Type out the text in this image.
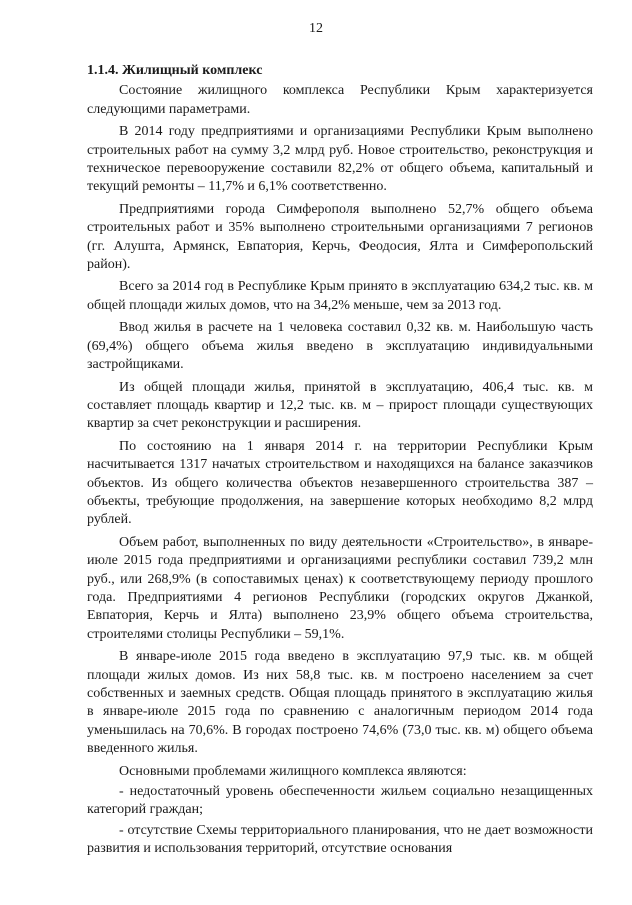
12
1.1.4. Жилищный комплекс

Состояние жилищного комплекса Республики Крым характеризуется следующими параметрами.

В 2014 году предприятиями и организациями Республики Крым выполнено строительных работ на сумму 3,2 млрд руб. Новое строительство, реконструкция и техническое перевооружение составили 82,2% от общего объема, капитальный и текущий ремонты – 11,7% и 6,1% соответственно.

Предприятиями города Симферополя выполнено 52,7% общего объема строительных работ и 35% выполнено строительными организациями 7 регионов (гг. Алушта, Армянск, Евпатория, Керчь, Феодосия, Ялта и Симферопольский район).

Всего за 2014 год в Республике Крым принято в эксплуатацию 634,2 тыс. кв. м общей площади жилых домов, что на 34,2% меньше, чем за 2013 год.

Ввод жилья в расчете на 1 человека составил 0,32 кв. м. Наибольшую часть (69,4%) общего объема жилья введено в эксплуатацию индивидуальными застройщиками.

Из общей площади жилья, принятой в эксплуатацию, 406,4 тыс. кв. м составляет площадь квартир и 12,2 тыс. кв. м – прирост площади существующих квартир за счет реконструкции и расширения.

По состоянию на 1 января 2014 г. на территории Республики Крым насчитывается 1317 начатых строительством и находящихся на балансе заказчиков объектов. Из общего количества объектов незавершенного строительства 387 – объекты, требующие продолжения, на завершение которых необходимо 8,2 млрд рублей.

Объем работ, выполненных по виду деятельности «Строительство», в январе-июле 2015 года предприятиями и организациями республики составил 739,2 млн руб., или 268,9% (в сопоставимых ценах) к соответствующему периоду прошлого года. Предприятиями 4 регионов Республики (городских округов Джанкой, Евпатория, Керчь и Ялта) выполнено 23,9% общего объема строительства, строителями столицы Республики – 59,1%.

В январе-июле 2015 года введено в эксплуатацию 97,9 тыс. кв. м общей площади жилых домов. Из них 58,8 тыс. кв. м построено населением за счет собственных и заемных средств. Общая площадь принятого в эксплуатацию жилья в январе-июле 2015 года по сравнению с аналогичным периодом 2014 года уменьшилась на 70,6%. В городах построено 74,6% (73,0 тыс. кв. м) общего объема введенного жилья.

Основными проблемами жилищного комплекса являются:

- недостаточный уровень обеспеченности жильем социально незащищенных категорий граждан;

- отсутствие Схемы территориального планирования, что не дает возможности развития и использования территорий, отсутствие основания
